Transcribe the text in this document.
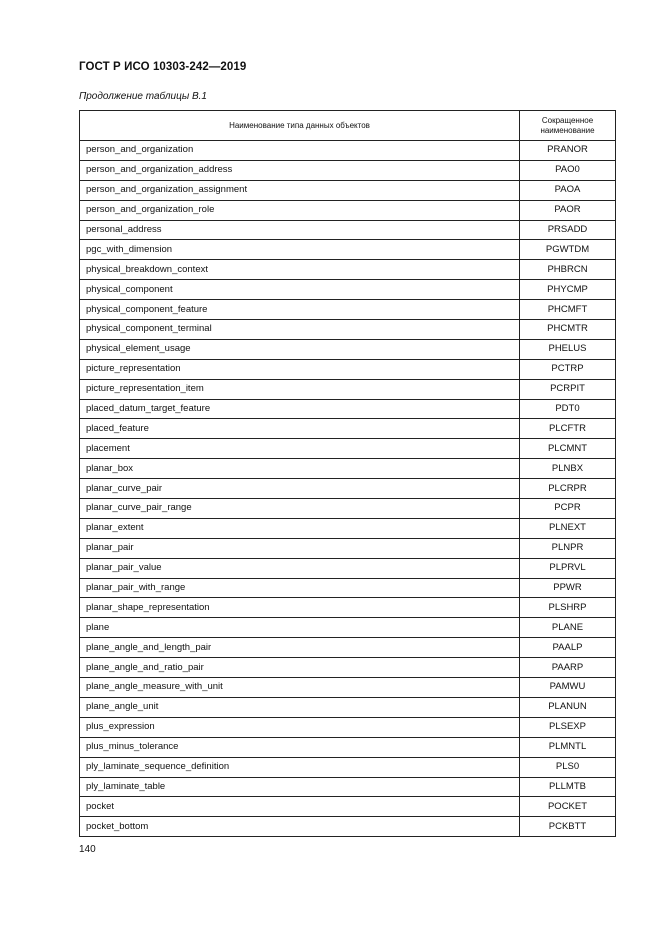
ГОСТ Р ИСО 10303-242—2019
Продолжение таблицы В.1
Наименование типа данных объектов	Сокращенное наименование
person_and_organization	PRANOR
person_and_organization_address	PAO0
person_and_organization_assignment	PAOA
person_and_organization_role	PAOR
personal_address	PRSADD
pgc_with_dimension	PGWTDM
physical_breakdown_context	PHBRCN
physical_component	PHYCMP
physical_component_feature	PHCMFT
physical_component_terminal	PHCMTR
physical_element_usage	PHELUS
picture_representation	PCTRP
picture_representation_item	PCRPIT
placed_datum_target_feature	PDT0
placed_feature	PLCFTR
placement	PLCMNT
planar_box	PLNBX
planar_curve_pair	PLCRPR
planar_curve_pair_range	PCPR
planar_extent	PLNEXT
planar_pair	PLNPR
planar_pair_value	PLPRVL
planar_pair_with_range	PPWR
planar_shape_representation	PLSHRP
plane	PLANE
plane_angle_and_length_pair	PAALP
plane_angle_and_ratio_pair	PAARP
plane_angle_measure_with_unit	PAMWU
plane_angle_unit	PLANUN
plus_expression	PLSEXP
plus_minus_tolerance	PLMNTL
ply_laminate_sequence_definition	PLS0
ply_laminate_table	PLLMTB
pocket	POCKET
pocket_bottom	PCKBTT
140
